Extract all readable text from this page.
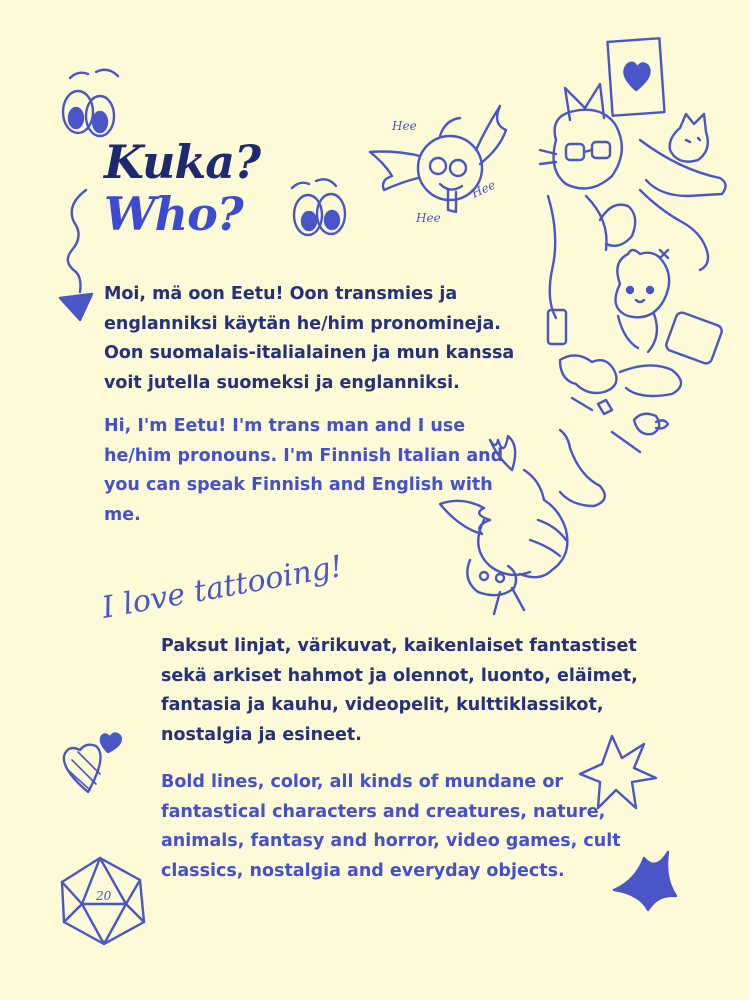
Hee
Hee
Hee
I love tattooing!
20
Kuka?
Who?

Moi, mä oon Eetu! Oon transmies ja englanniksi käytän he/him pronomineja. Oon suomalais-italialainen ja mun kanssa voit jutella suomeksi ja englanniksi.

Hi, I'm Eetu! I'm trans man and I use he/him pronouns. I'm Finnish Italian and you can speak Finnish and English with me.

Paksut linjat, värikuvat, kaikenlaiset fantastiset sekä arkiset hahmot ja olennot, luonto, eläimet, fantasia ja kauhu, videopelit, kulttiklassikot, nostalgia ja esineet.

Bold lines, color, all kinds of mundane or fantastical characters and creatures, nature, animals, fantasy and horror, video games, cult classics, nostalgia and everyday objects.
